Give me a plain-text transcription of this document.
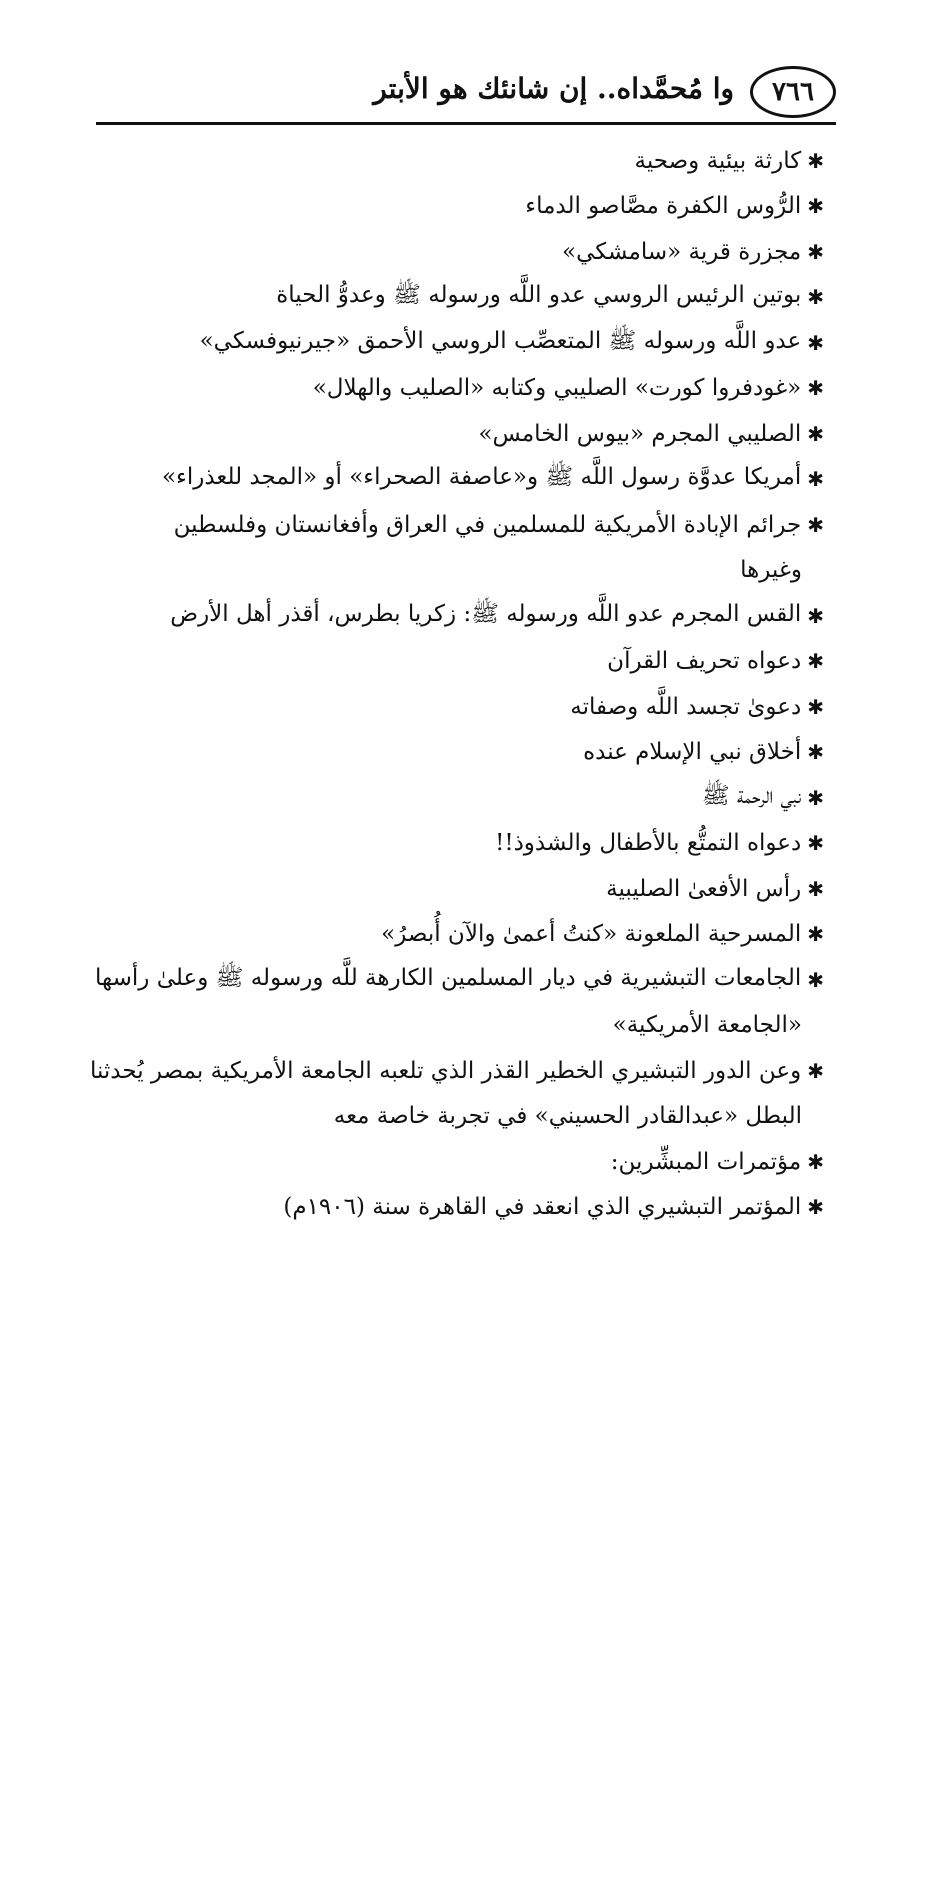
٧٦٦
وا مُحمَّداه.. إن شانئك هو الأبتر
✱
كارثة بيئية وصحية
✱
الرُّوس الكفرة مصَّاصو الدماء
✱
مجزرة قرية «سامشكي»
✱
بوتين الرئيس الروسي عدو اللَّه ورسوله ﷺ وعدوُّ الحياة
✱
عدو اللَّه ورسوله ﷺ المتعصِّب الروسي الأحمق «جيرنيوفسكي»
✱
«غودفروا كورت» الصليبي وكتابه «الصليب والهلال»
✱
الصليبي المجرم «بيوس الخامس»
✱
أمريكا عدوَّة رسول اللَّه ﷺ و«عاصفة الصحراء» أو «المجد للعذراء»
✱
جرائم الإبادة الأمريكية للمسلمين في العراق وأفغانستان وفلسطين
وغيرها
✱
القس المجرم عدو اللَّه ورسوله ﷺ: زكريا بطرس، أقذر أهل الأرض
✱
دعواه تحريف القرآن
✱
دعوىٰ تجسد اللَّه وصفاته
✱
أخلاق نبي الإسلام عنده
✱
نبي الرحمة ﷺ
✱
دعواه التمتُّع بالأطفال والشذوذ!!
✱
رأس الأفعىٰ الصليبية
✱
المسرحية الملعونة «كنتُ أعمىٰ والآن أُبصرُ»
✱
الجامعات التبشيرية في ديار المسلمين الكارهة للَّه ورسوله ﷺ وعلىٰ رأسها
«الجامعة الأمريكية»
✱
وعن الدور التبشيري الخطير القذر الذي تلعبه الجامعة الأمريكية بمصر يُحدثنا
البطل «عبدالقادر الحسيني» في تجربة خاصة معه
✱
مؤتمرات المبشِّرين:
✱
المؤتمر التبشيري الذي انعقد في القاهرة سنة (١٩٠٦م)
